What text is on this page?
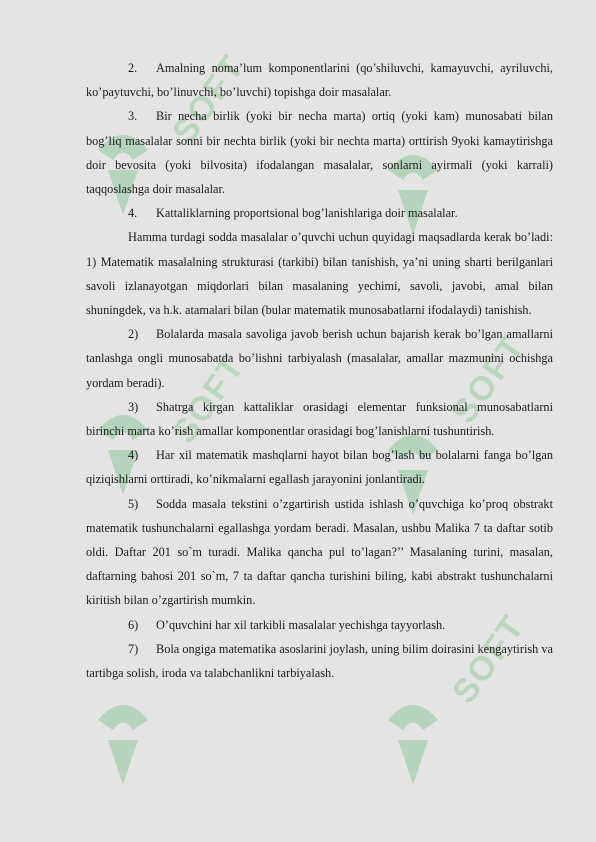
SOFT
SOFT
SOFT
SOFT

2. Amalning noma’lum komponentlarini (qo’shiluvchi, kamayuvchi, ayriluvchi, ko’paytuvchi, bo’linuvchi, bo’luvchi) topishga doir masalalar.

3. Bir necha birlik (yoki bir necha marta) ortiq (yoki kam) munosabati bilan bog’liq masalalar sonni bir nechta birlik (yoki bir nechta marta) orttirish 9yoki kamaytirishga doir bevosita (yoki bilvosita) ifodalangan masalalar, sonlarni ayirmali (yoki karrali) taqqoslashga doir masalalar.

4. Kattaliklarning proportsional bog’lanishlariga doir masalalar.

Hamma turdagi sodda masalalar o’quvchi uchun quyidagi maqsadlarda kerak bo’ladi: 1) Matematik masalalning strukturasi (tarkibi) bilan tanishish, ya’ni uning sharti berilganlari savoli izlanayotgan miqdorlari bilan masalaning yechimi, savoli, javobi, amal bilan shuningdek, va h.k. atamalari bilan (bular matematik munosabatlarni ifodalaydi) tanishish.

2) Bolalarda masala savoliga javob berish uchun bajarish kerak bo’lgan amallarni tanlashga ongli munosabatda bo’lishni tarbiyalash (masalalar, amallar mazmunini ochishga yordam beradi).

3) Shatrga kirgan kattaliklar orasidagi elementar funksional munosabatlarni birinchi marta ko’rish amallar komponentlar orasidagi bog’lanishlarni tushuntirish.

4) Har xil matematik mashqlarni hayot bilan bog’lash bu bolalarni fanga bo’lgan qiziqishlarni orttiradi, ko’nikmalarni egallash jarayonini jonlantiradi.

5) Sodda masala tekstini o’zgartirish ustida ishlash o’quvchiga ko’proq obstrakt matematik tushunchalarni egallashga yordam beradi. Masalan, ushbu Malika 7 ta daftar sotib oldi. Daftar 201 so`m turadi. Malika qancha pul to’lagan?’’ Masalaning turini, masalan, daftarning bahosi 201 so`m, 7 ta daftar qancha turishini biling, kabi abstrakt tushunchalarni kiritish bilan o’zgartirish mumkin.

6) O’quvchini har xil tarkibli masalalar yechishga tayyorlash.

7) Bola ongiga matematika asoslarini joylash, uning bilim doirasini kengaytirish va tartibga solish, iroda va talabchanlikni tarbiyalash.
